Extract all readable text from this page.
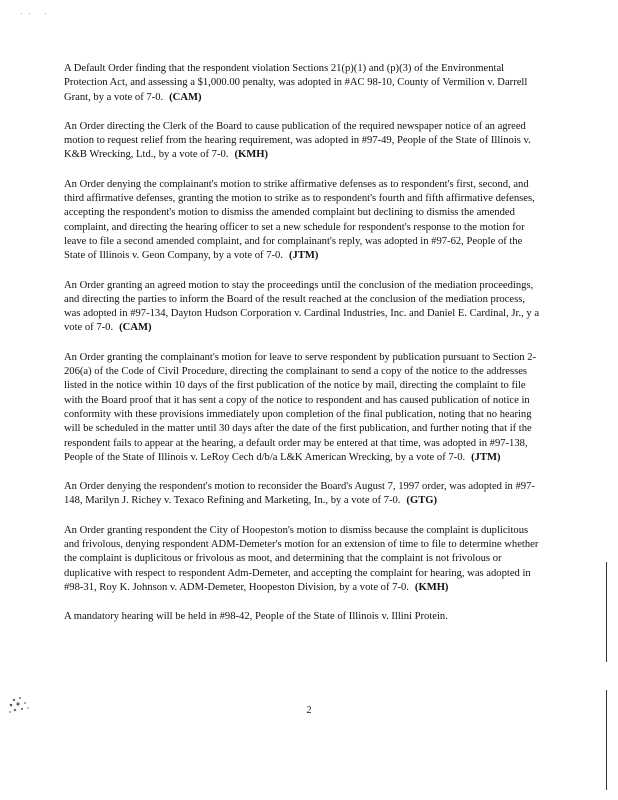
·· ·

A Default Order finding that the respondent violation Sections 21(p)(1) and (p)(3) of the Environmental Protection Act, and assessing a $1,000.00 penalty, was adopted in #AC 98-10, County of Vermilion v. Darrell Grant, by a vote of 7-0. (CAM)

An Order directing the Clerk of the Board to cause publication of the required newspaper notice of an agreed motion to request relief from the hearing requirement, was adopted in #97-49, People of the State of Illinois v. K&B Wrecking, Ltd., by a vote of 7-0. (KMH)

An Order denying the complainant's motion to strike affirmative defenses as to respondent's first, second, and third affirmative defenses, granting the motion to strike as to respondent's fourth and fifth affirmative defenses, accepting the respondent's motion to dismiss the amended complaint but declining to dismiss the amended complaint, and directing the hearing officer to set a new schedule for respondent's response to the motion for leave to file a second amended complaint, and for complainant's reply, was adopted in #97-62, People of the State of Illinois v. Geon Company, by a vote of 7-0. (JTM)

An Order granting an agreed motion to stay the proceedings until the conclusion of the mediation proceedings, and directing the parties to inform the Board of the result reached at the conclusion of the mediation process, was adopted in #97-134, Dayton Hudson Corporation v. Cardinal Industries, Inc. and Daniel E. Cardinal, Jr., y a vote of 7-0. (CAM)

An Order granting the complainant's motion for leave to serve respondent by publication pursuant to Section 2-206(a) of the Code of Civil Procedure, directing the complainant to send a copy of the notice to the addresses listed in the notice within 10 days of the first publication of the notice by mail, directing the complaint to file with the Board proof that it has sent a copy of the notice to respondent and has caused publication of notice in conformity with these provisions immediately upon completion of the final publication, noting that no hearing will be scheduled in the matter until 30 days after the date of the first publication, and further noting that if the respondent fails to appear at the hearing, a default order may be entered at that time, was adopted in #97-138, People of the State of Illinois v. LeRoy Cech d/b/a L&K American Wrecking, by a vote of 7-0. (JTM)

An Order denying the respondent's motion to reconsider the Board's August 7, 1997 order, was adopted in #97-148, Marilyn J. Richey v. Texaco Refining and Marketing, In., by a vote of 7-0. (GTG)

An Order granting respondent the City of Hoopeston's motion to dismiss because the complaint is duplicitous and frivolous, denying respondent ADM-Demeter's motion for an extension of time to file to determine whether the complaint is duplicitous or frivolous as moot, and determining that the complaint is not frivolous or duplicative with respect to respondent Adm-Demeter, and accepting the complaint for hearing, was adopted in #98-31, Roy K. Johnson v. ADM-Demeter, Hoopeston Division, by a vote of 7-0. (KMH)

A mandatory hearing will be held in #98-42, People of the State of Illinois v. Illini Protein.

2
